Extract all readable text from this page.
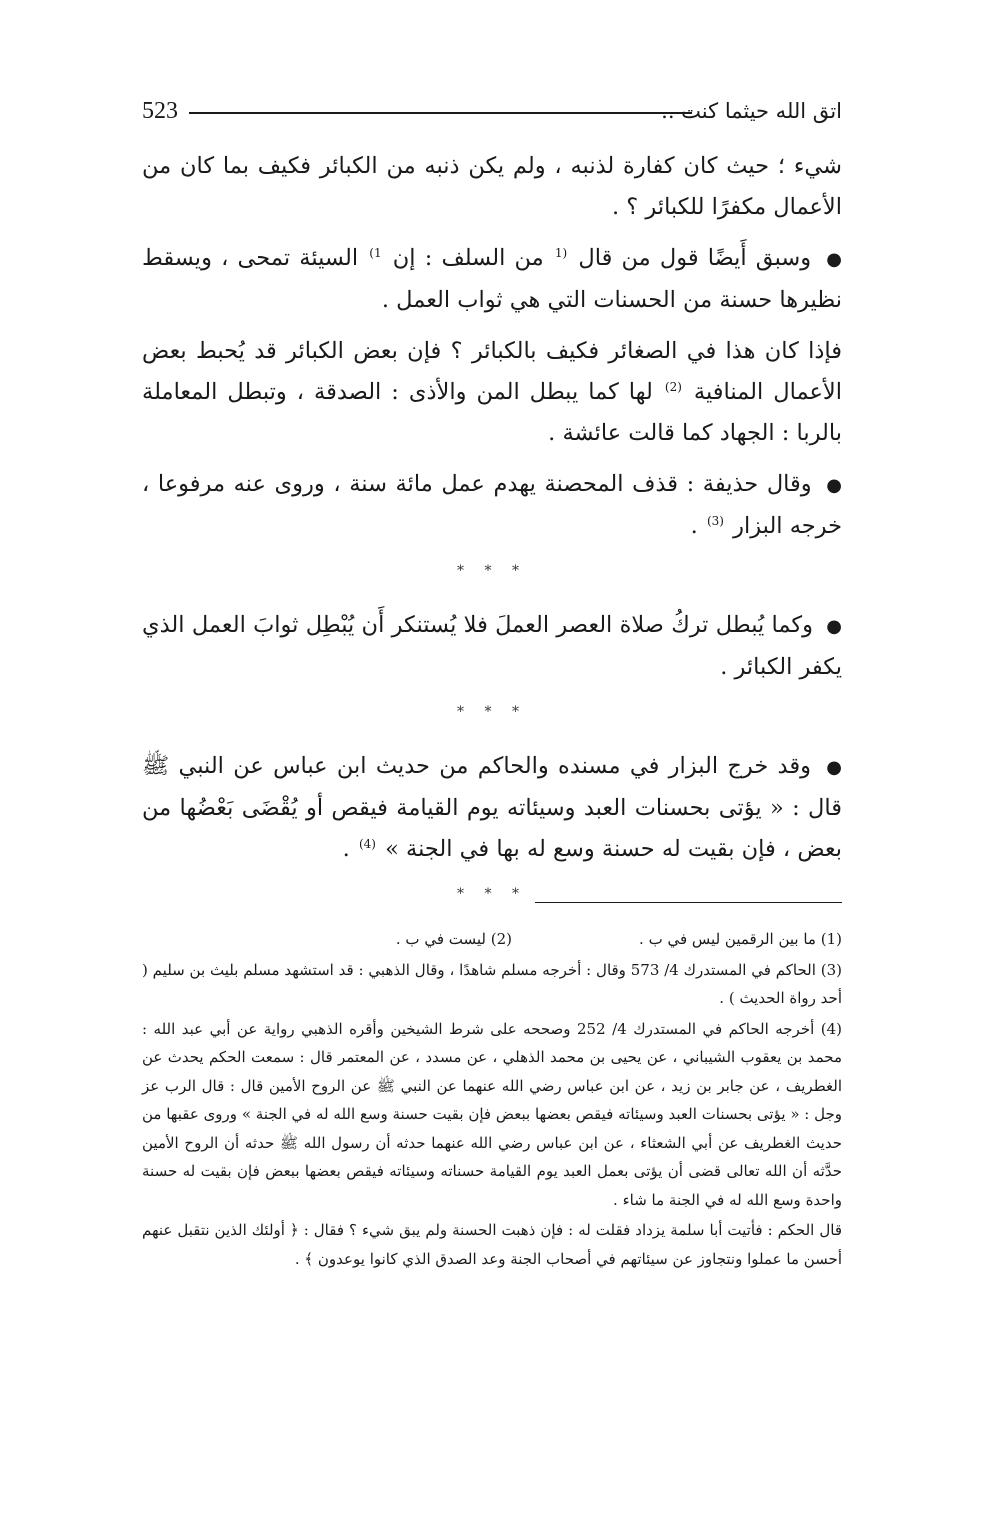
523	اتق الله حيثما كنت ..

شيء ؛ حيث كان كفارة لذنبه ، ولم يكن ذنبه من الكبائر فكيف بما كان من الأعمال مكفرًا للكبائر ؟ .

● وسبق أَيضًا قول من قال $^{(1}$ من السلف : إن $^{1)}$ السيئة تمحى ، ويسقط نظيرها حسنة من الحسنات التي هي ثواب العمل .

فإذا كان هذا في الصغائر فكيف بالكبائر ؟ فإن بعض الكبائر قد يُحبط بعض الأعمال المنافية $^{(2)}$ لها كما يبطل المن والأذى : الصدقة ، وتبطل المعاملة بالربا : الجهاد كما قالت عائشة .

● وقال حذيفة : قذف المحصنة يهدم عمل مائة سنة ، وروى عنه مرفوعا ، خرجه البزار $^{(3)}$ .

* * *

● وكما يُبطل تركُ صلاة العصر العملَ فلا يُستنكر أَن يُبْطِل ثوابَ العمل الذي يكفر الكبائر .

* * *

● وقد خرج البزار في مسنده والحاكم من حديث ابن عباس عن النبي ﷺ قال : « يؤتى بحسنات العبد وسيئاته يوم القيامة فيقص أو يُقْضَى بَعْضُها من بعض ، فإن بقيت له حسنة وسع له بها في الجنة » $^{(4)}$ .

* * *
(1) ما بين الرقمين ليس في ب .
(2) ليست في ب .

(3) الحاكم في المستدرك 4/ 573 وقال : أخرجه مسلم شاهدًا ، وقال الذهبي : قد استشهد مسلم بليث بن سليم ( أحد رواة الحديث ) .

(4) أخرجه الحاكم في المستدرك 4/ 252 وصححه على شرط الشيخين وأقره الذهبي رواية عن أبي عبد الله : محمد بن يعقوب الشيباني ، عن يحيى بن محمد الذهلي ، عن مسدد ، عن المعتمر قال : سمعت الحكم يحدث عن الغطريف ، عن جابر بن زيد ، عن ابن عباس رضي الله عنهما عن النبي ﷺ عن الروح الأمين قال : قال الرب عز وجل : « يؤتى بحسنات العبد وسيئاته فيقص بعضها ببعض فإن بقيت حسنة وسع الله له في الجنة » وروى عقبها من حديث الغطريف عن أبي الشعثاء ، عن ابن عباس رضي الله عنهما حدثه أن رسول الله ﷺ حدثه أن الروح الأمين حدَّثه أن الله تعالى قضى أن يؤتى بعمل العبد يوم القيامة حسناته وسيئاته فيقص بعضها ببعض فإن بقيت له حسنة واحدة وسع الله له في الجنة ما شاء .

قال الحكم : فأتيت أبا سلمة يزداد فقلت له : فإن ذهبت الحسنة ولم يبق شيء ؟ فقال : ﴿ أولئك الذين نتقبل عنهم أحسن ما عملوا ونتجاوز عن سيئاتهم في أصحاب الجنة وعد الصدق الذي كانوا يوعدون ﴾ .
